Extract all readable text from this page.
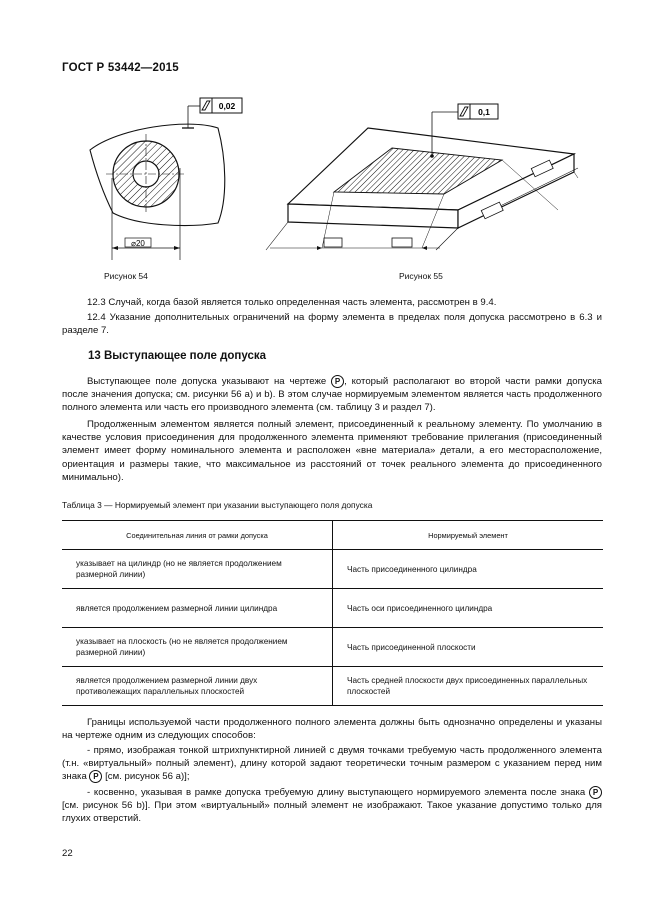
ГОСТ Р 53442—2015
⌀20
0,02
Рисунок 54
0,1
Рисунок 55
12.3 Случай, когда базой является только определенная часть элемента, рассмотрен в 9.4.
12.4 Указание дополнительных ограничений на форму элемента в пределах поля допуска рассмотрено в 6.3 и разделе 7.
13 Выступающее поле допуска
Выступающее поле допуска указывают на чертеже P , который располагают во второй части рамки допуска после значения допуска; см. рисунки 56 a) и b). В этом случае нормируемым элементом является часть продолженного полного элемента или часть его производного элемента (см. таблицу 3 и раздел 7).
Продолженным элементом является полный элемент, присоединенный к реальному элементу. По умолчанию в качестве условия присоединения для продолженного элемента применяют требование прилегания (присоединенный элемент имеет форму номинального элемента и расположен «вне материала» детали, а его месторасположение, ориентация и размеры такие, что максимальное из расстояний от точек реального элемента до присоединенного минимально).
Таблица 3 — Нормируемый элемент при указании выступающего поля допуска
Соединительная линия от рамки допуска	Нормируемый элемент
указывает на цилиндр (но не является продолжением размерной линии)	Часть присоединенного цилиндра
является продолжением размерной линии цилиндра	Часть оси присоединенного цилиндра
указывает на плоскость (но не является продолжением размерной линии)	Часть присоединенной плоскости
является продолжением размерной линии двух противолежащих параллельных плоскостей	Часть средней плоскости двух присоединенных параллельных плоскостей
Границы используемой части продолженного полного элемента должны быть однозначно определены и указаны на чертеже одним из следующих способов:
- прямо, изображая тонкой штрихпунктирной линией с двумя точками требуемую часть продолженного элемента (т.н. «виртуальный» полный элемент), длину которой задают теоретически точным размером с указанием перед ним знака P [см. рисунок 56 a)];
- косвенно, указывая в рамке допуска требуемую длину выступающего нормируемого элемента после знака P [см. рисунок 56 b)]. При этом «виртуальный» полный элемент не изображают. Такое указание допустимо только для глухих отверстий.
22
